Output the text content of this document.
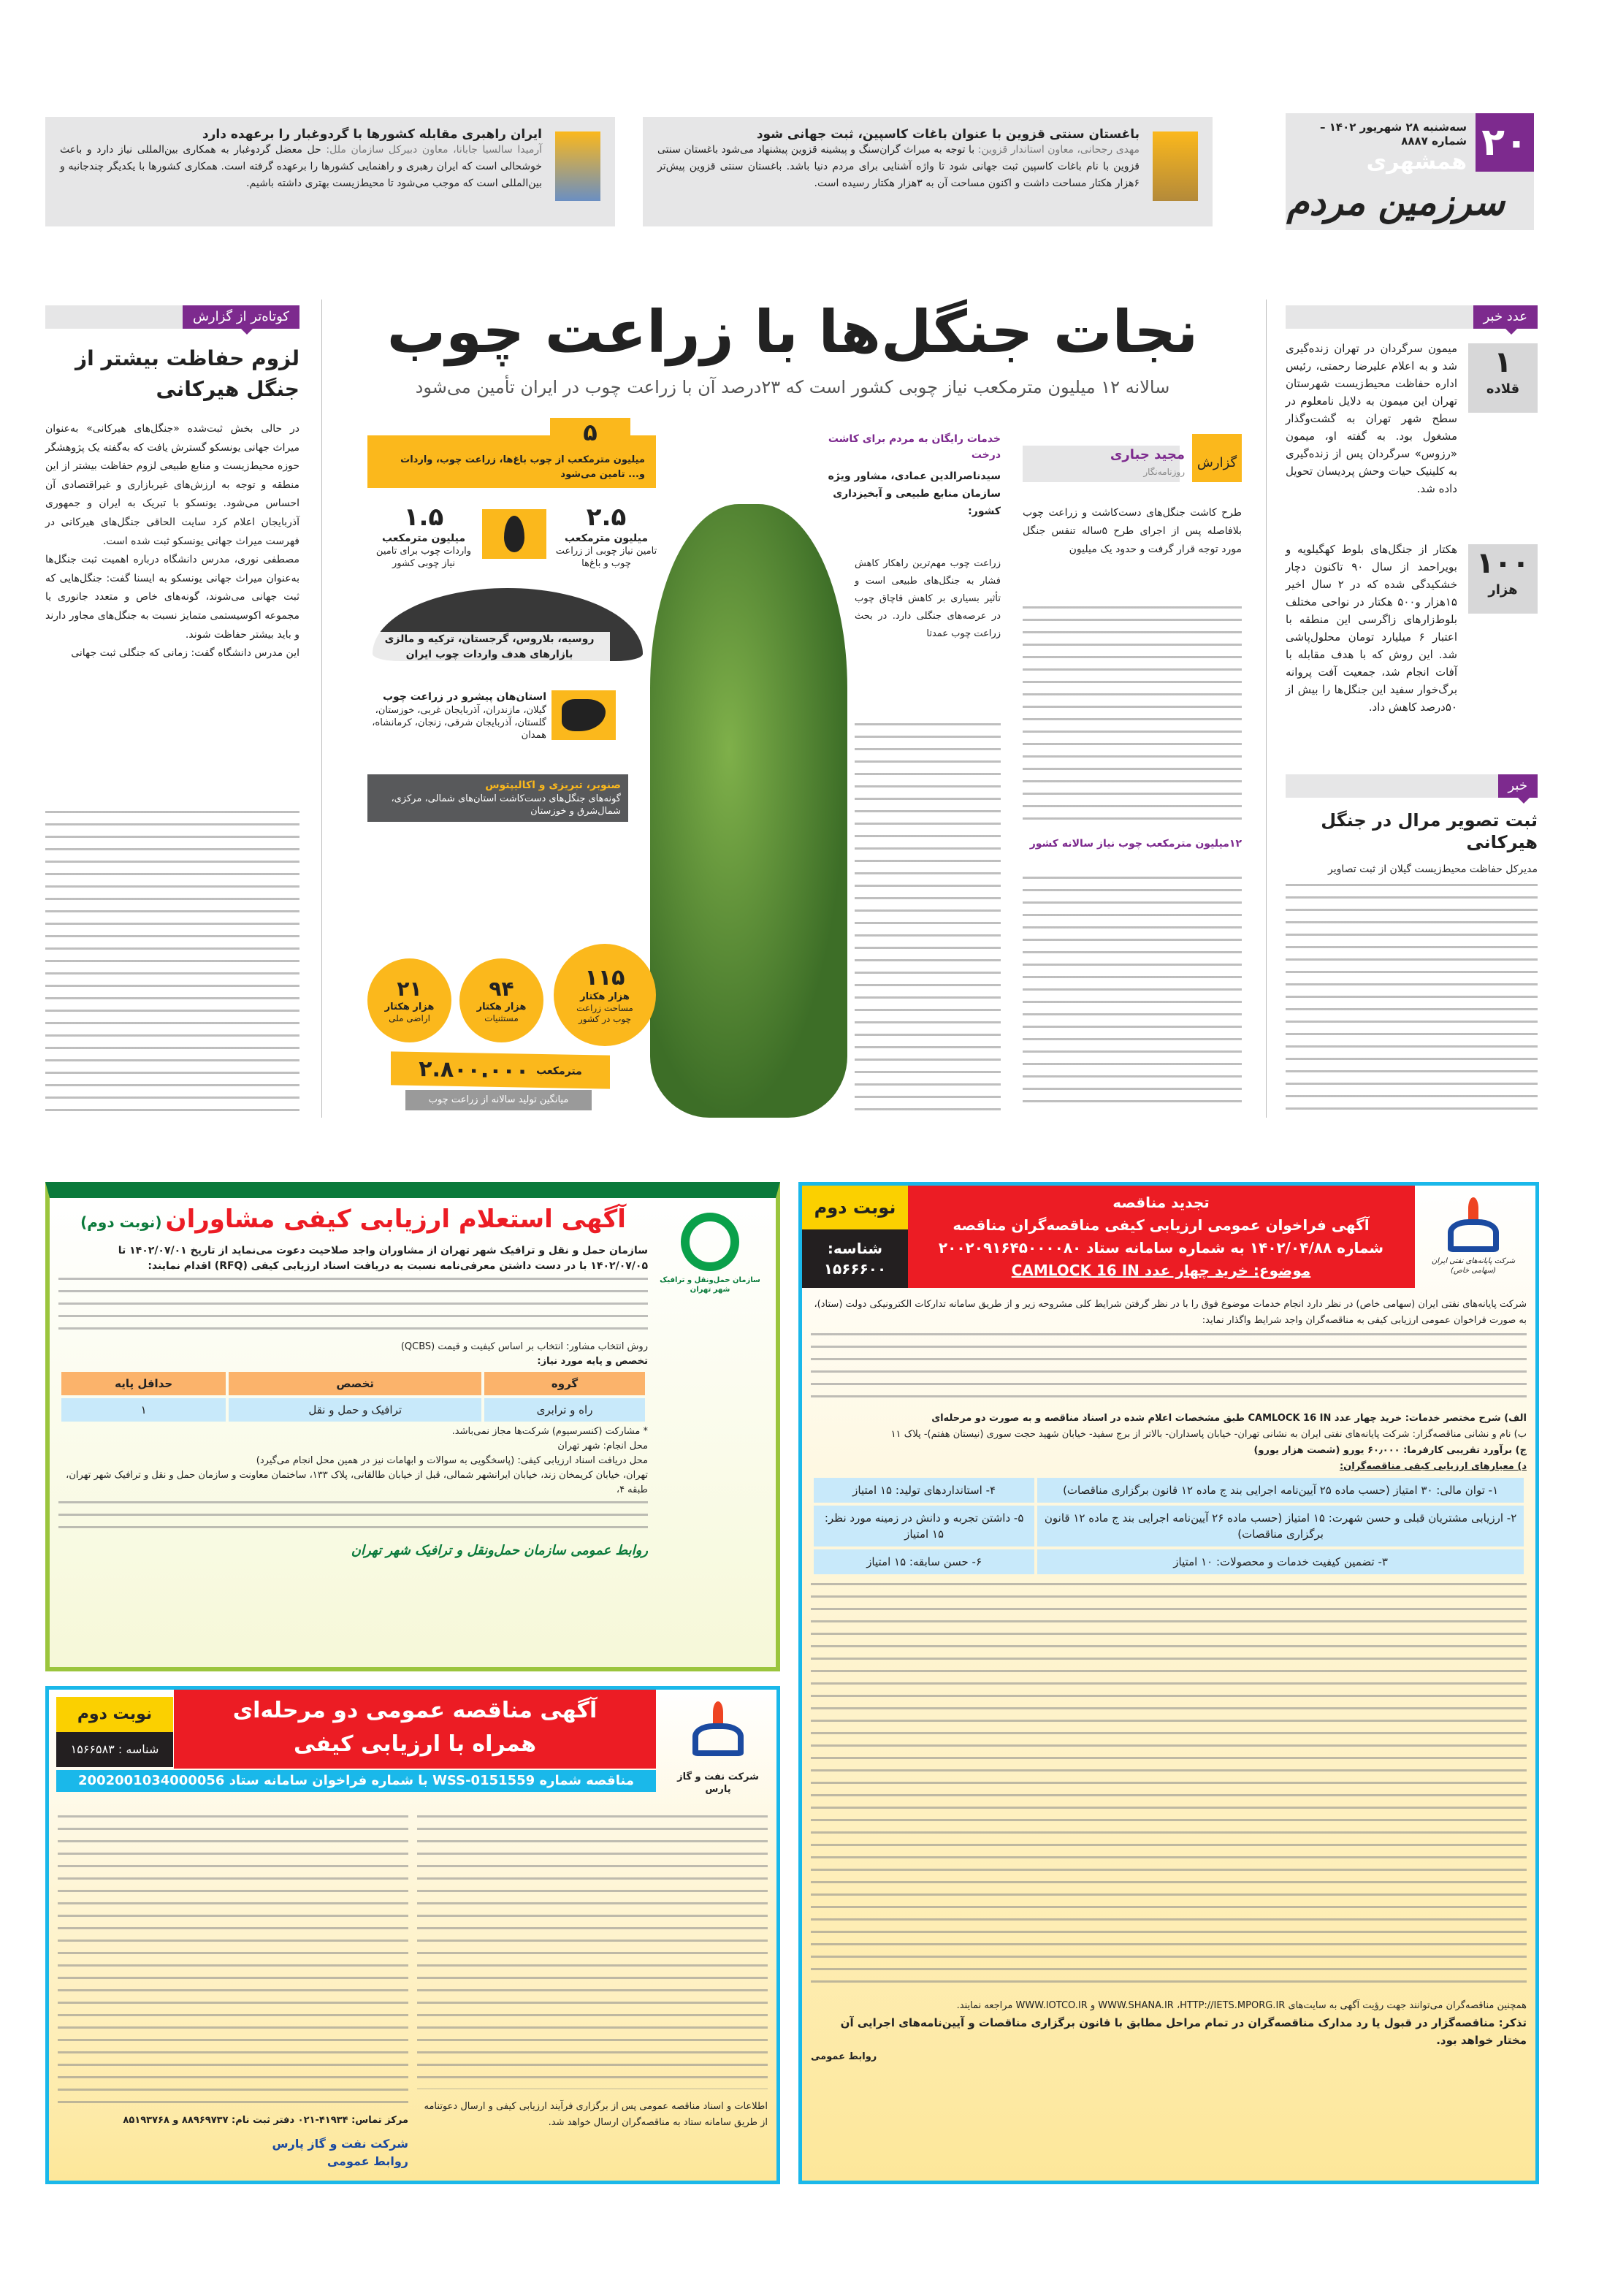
۲۰
سه‌شنبه ۲۸ شهریور ۱۴۰۲ – شماره ۸۸۸۷
همشهری
سرزمین مردم
باغستان سنتی قزوین با عنوان باغات کاسپین، ثبت جهانی شود
مهدی رجحانی، معاون استاندار قزوین: با توجه به میراث گران‌سنگ و پیشینه قزوین پیشنهاد می‌شود باغستان سنتی قزوین با نام باغات کاسپین ثبت جهانی شود تا واژه آشنایی برای مردم دنیا باشد. باغستان سنتی قزوین پیش‌تر ۶هزار هکتار مساحت داشت و اکنون مساحت آن به ۳هزار هکتار رسیده است.
ایران راهبری مقابله کشورها با گردوغبار را برعهده دارد
آرمیدا سالسیا جابانا، معاون دبیرکل سازمان ملل: حل معضل گردوغبار به همکاری بین‌المللی نیاز دارد و باعث خوشحالی است که ایران رهبری و راهنمایی کشورها را برعهده گرفته است. همکاری کشورها با یکدیگر چندجانبه و بین‌المللی است که موجب می‌شود تا محیط‌زیست بهتری داشته باشیم.
عدد خبر
۱
قلاده
میمون سرگردان در تهران زنده‌گیری شد و به اعلام علیرضا رحمتی، رئیس اداره حفاظت محیط‌زیست شهرستان تهران این میمون به دلایل نامعلوم در سطح شهر تهران به گشت‌وگذار مشغول بود. به گفته او، میمون «رزوس» سرگردان پس از زنده‌گیری به کلینیک حیات وحش پردیسان تحویل داده شد.
۱۰۰
هزار
هکتار از جنگل‌های بلوط کهگیلویه و بویراحمد از سال ۹۰ تاکنون دچار خشکیدگی شده که در ۲ سال اخیر ۱۵هزار و۵۰۰ هکتار در نواحی مختلف بلوط‌زارهای زاگرسی این منطقه با اعتبار ۶ میلیارد تومان محلول‌پاشی شد. این روش که با هدف مقابله با آفات انجام شد، جمعیت آفت پروانه برگ‌خوار سفید این جنگل‌ها را بیش از ۵۰درصد کاهش داد.
خبر
ثبت تصویر مرال در جنگل هیرکانی
مدیرکل حفاظت محیط‌زیست گیلان از ثبت تصاویر
کوتاه‌تر از گزارش
لزوم حفاظت بیشتر از جنگل هیرکانی

در حالی بخش ثبت‌شده «جنگل‌های هیرکانی» به‌عنوان میراث جهانی یونسکو گسترش یافت که به‌گفته یک پژوهشگر حوزه محیط‌زیست و منابع طبیعی لزوم حفاظت بیشتر از این منطقه و توجه به ارزش‌های غیربازاری و غیراقتصادی آن احساس می‌شود. یونسکو با تبریک به ایران و جمهوری آذربایجان اعلام کرد سایت الحاقی جنگل‌های هیرکانی در فهرست میراث جهانی یونسکو ثبت شده است.

مصطفی نوری، مدرس دانشگاه درباره اهمیت ثبت جنگل‌ها به‌عنوان میراث جهانی یونسکو به ایسنا گفت: جنگل‌هایی که ثبت جهانی می‌شوند، گونه‌های خاص و متعدد جانوری یا مجموعه اکوسیستمی متمایز نسبت به جنگل‌های مجاور دارند و باید بیشتر حفاظت شوند.

این مدرس دانشگاه گفت: زمانی که جنگلی ثبت جهانی

نجات جنگل‌ها با زراعت چوب
سالانه ۱۲ میلیون مترمکعب نیاز چوبی کشور است که ۲۳درصد آن با زراعت چوب در ایران تأمین می‌شود
گزارش
مجید جباری
روزنامه‌نگار
طرح کاشت جنگل‌های دست‌کاشت و زراعت چوب بلافاصله پس از اجرای طرح ۵ساله تنفس جنگل مورد توجه قرار گرفت و حدود یک میلیون
۱۲میلیون مترمکعب چوب نیاز سالانه کشور
خدمات رایگان به مردم برای کاشت درخت
سیدناصرالدین عمادی، مشاور ویژه سازمان منابع طبیعی و آبخیزداری کشور:
زراعت چوب مهم‌ترین راهکار کاهش فشار به جنگل‌های طبیعی است و تأثیر بسیاری بر کاهش قاچاق چوب در عرصه‌های جنگلی دارد. در بحث زراعت چوب عمدتا
۵
میلیون مترمکعب از چوب باغ‌ها، زراعت چوب، واردات و... تامین می‌شود
۲.۵
میلیون مترمکعب
تامین نیاز چوبی از زراعت چوب و باغ‌ها
۱.۵
میلیون مترمکعب
واردات چوب برای تامین نیاز چوبی کشور
روسیه، بلاروس، گرجستان، ترکیه و مالزی
بازارهای هدف واردات چوب ایران
استان‌هان پیشرو در زراعت چوب
گیلان، مازندران، آذربایجان غربی، خوزستان، گلستان، آذربایجان شرقی، زنجان، کرمانشاه، همدان
صنوبر، تبریزی و اکالیپتوس
گونه‌های جنگل‌های دست‌کاشت استان‌های شمالی، مرکزی، شمال‌شرق و خوزستان
۱۱۵
هزار هکتار
مساحت زراعت چوب در کشور
۹۴
هزار هکتار
مستثنیات
۲۱
هزار هکتار
اراضی ملی
مترمکعب
۲.۸۰۰.۰۰۰
میانگین تولید سالانه از زراعت چوب
شرکت پایانه‌های نفتی ایران (سهامی خاص)
تجدید مناقصه
آگهی فراخوان عمومی ارزیابی کیفی مناقصه‌گران مناقصه
شماره ۱۴۰۲/۰۴/۸۸ به شماره سامانه ستاد ۲۰۰۲۰۹۱۶۴۵۰۰۰۰۸۰
موضوع: خرید چهار عدد CAMLOCK 16 IN
نوبت دوم
شناسه:
۱۵۶۶۶۰۰

شرکت پایانه‌های نفتی ایران (سهامی خاص) در نظر دارد انجام خدمات موضوع فوق را با در نظر گرفتن شرایط کلی مشروحه زیر و از طریق سامانه تدارکات الکترونیکی دولت (ستاد)، به صورت فراخوان عمومی ارزیابی کیفی به مناقصه‌گران واجد شرایط واگذار نماید:

الف) شرح مختصر خدمات: خرید چهار عدد CAMLOCK 16 IN طبق مشخصات اعلام شده در اسناد مناقصه و به صورت دو مرحله‌ای

ب) نام و نشانی مناقصه‌گزار: شرکت پایانه‌های نفتی ایران به نشانی تهران- خیابان پاسداران- بالاتر از برج سفید- خیابان شهید حجت سوری (نیستان هفتم)- پلاک ۱۱

ج) برآورد تقریبی کارفرما: ۶۰٫۰۰۰ یورو (شصت هزار یورو)

د) معیارهای ارزیابی کیفی مناقصه‌گران:

۱- توان مالی: ۳۰ امتیاز (حسب ماده ۲۵ آیین‌نامه اجرایی بند ج ماده ۱۲ قانون برگزاری مناقصات)	۴- استانداردهای تولید: ۱۵ امتیاز
۲- ارزیابی مشتریان قبلی و حسن شهرت: ۱۵ امتیاز (حسب ماده ۲۶ آیین‌نامه اجرایی بند ج ماده ۱۲ قانون برگزاری مناقصات)	۵- داشتن تجربه و دانش در زمینه مورد نظر: ۱۵ امتیاز
۳- تضمین کیفیت خدمات و محصولات: ۱۰ امتیاز	۶- حسن سابقه: ۱۵ امتیاز

همچنین مناقصه‌گران می‌توانند جهت رؤیت آگهی به سایت‌های WWW.SHANA.IR ،HTTP://IETS.MPORG.IR و WWW.IOTCO.IR مراجعه نمایند.

تذکر: مناقصه‌گزار در قبول یا رد مدارک مناقصه‌گران در تمام مراحل مطابق با قانون برگزاری مناقصات و آیین‌نامه‌های اجرایی آن مختار خواهد بود.

روابط عمومی

سازمان حمل‌ونقل و ترافیک شهر تهران
آگهی استعلام ارزیابی کیفی مشاوران (نوبت دوم)

سازمان حمل و نقل و ترافیک شهر تهران از مشاوران واجد صلاحیت دعوت می‌نماید از تاریخ ۱۴۰۲/۰۷/۰۱ تا ۱۴۰۲/۰۷/۰۵ با در دست داشتن معرفی‌نامه نسبت به دریافت اسناد ارزیابی کیفی (RFQ) اقدام نمایند:

روش انتخاب مشاور: انتخاب بر اساس کیفیت و قیمت (QCBS)

تخصص و پایه مورد نیاز:

گروه	تخصص	حداقل پایه
راه و ترابری	ترافیک و حمل و نقل	۱

* مشارکت (کنسرسیوم) شرکت‌ها مجاز نمی‌باشد.

محل انجام: شهر تهران

محل دریافت اسناد ارزیابی کیفی: (پاسخگویی به سوالات و ابهامات نیز در همین محل انجام می‌گیرد)

تهران، خیابان کریمخان زند، خیابان ایرانشهر شمالی، قبل از خیابان طالقانی، پلاک ۱۳۳، ساختمان معاونت و سازمان حمل و نقل و ترافیک شهر تهران، طبقه ۴،

روابط عمومی سازمان حمل‌ونقل و ترافیک شهر تهران

شرکت نفت و گاز پارس
آگهی مناقصه عمومی دو مرحله‌ای
همراه با ارزیابی کیفی
نوبت دوم
شناسه : ۱۵۶۶۵۸۳
مناقصه شماره WSS-0151559 با شماره فراخوان سامانه ستاد 2002001034000056
اطلاعات و اسناد مناقصه عمومی پس از برگزاری فرآیند ارزیابی کیفی و ارسال دعوتنامه از طریق سامانه ستاد به مناقصه‌گران ارسال خواهد شد.
مرکز تماس: ۴۱۹۳۴-۰۲۱ دفتر ثبت نام: ۸۸۹۶۹۷۳۷ و ۸۵۱۹۳۷۶۸
شرکت نفت و گاز پارس
روابط عمومی
